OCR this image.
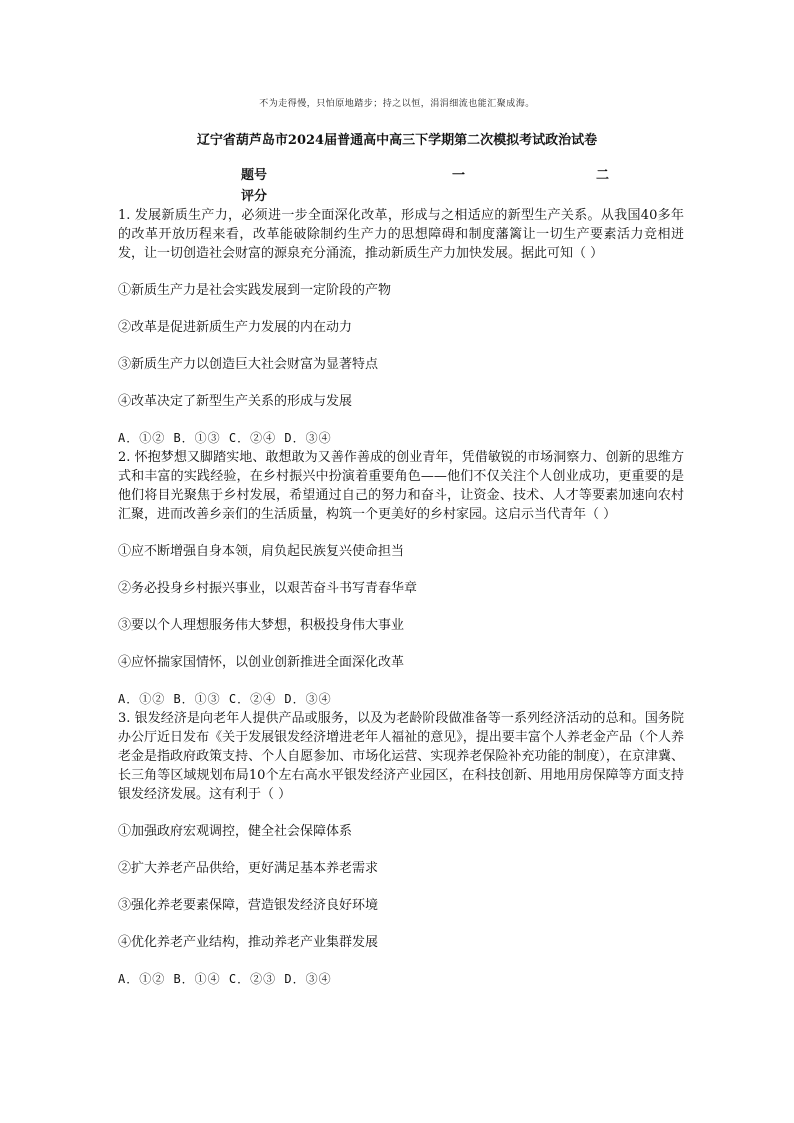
不为走得慢，只怕原地踏步；持之以恒，涓涓细流也能汇聚成海。
辽宁省葫芦岛市2024届普通高中高三下学期第二次模拟考试政治试卷
题号	一	二
评分

1. 发展新质生产力，必须进一步全面深化改革，形成与之相适应的新型生产关系。从我国40多年的改革开放历程来看，改革能破除制约生产力的思想障碍和制度藩篱让一切生产要素活力竞相迸发，让一切创造社会财富的源泉充分涌流，推动新质生产力加快发展。据此可知（ ）

①新质生产力是社会实践发展到一定阶段的产物

②改革是促进新质生产力发展的内在动力

③新质生产力以创造巨大社会财富为显著特点

④改革决定了新型生产关系的形成与发展

A．①② B．①③ C．②④ D．③④

2. 怀抱梦想又脚踏实地、敢想敢为又善作善成的创业青年，凭借敏锐的市场洞察力、创新的思维方式和丰富的实践经验，在乡村振兴中扮演着重要角色——他们不仅关注个人创业成功，更重要的是他们将目光聚焦于乡村发展，希望通过自己的努力和奋斗，让资金、技术、人才等要素加速向农村汇聚，进而改善乡亲们的生活质量，构筑一个更美好的乡村家园。这启示当代青年（ ）

①应不断增强自身本领，肩负起民族复兴使命担当

②务必投身乡村振兴事业，以艰苦奋斗书写青春华章

③要以个人理想服务伟大梦想，积极投身伟大事业

④应怀揣家国情怀，以创业创新推进全面深化改革

A．①② B．①③ C．②④ D．③④

3. 银发经济是向老年人提供产品或服务，以及为老龄阶段做准备等一系列经济活动的总和。国务院办公厅近日发布《关于发展银发经济增进老年人福祉的意见》，提出要丰富个人养老金产品（个人养老金是指政府政策支持、个人自愿参加、市场化运营、实现养老保险补充功能的制度），在京津冀、长三角等区域规划布局10个左右高水平银发经济产业园区，在科技创新、用地用房保障等方面支持银发经济发展。这有利于（ ）

①加强政府宏观调控，健全社会保障体系

②扩大养老产品供给，更好满足基本养老需求

③强化养老要素保障，营造银发经济良好环境

④优化养老产业结构，推动养老产业集群发展

A．①② B．①④ C．②③ D．③④
